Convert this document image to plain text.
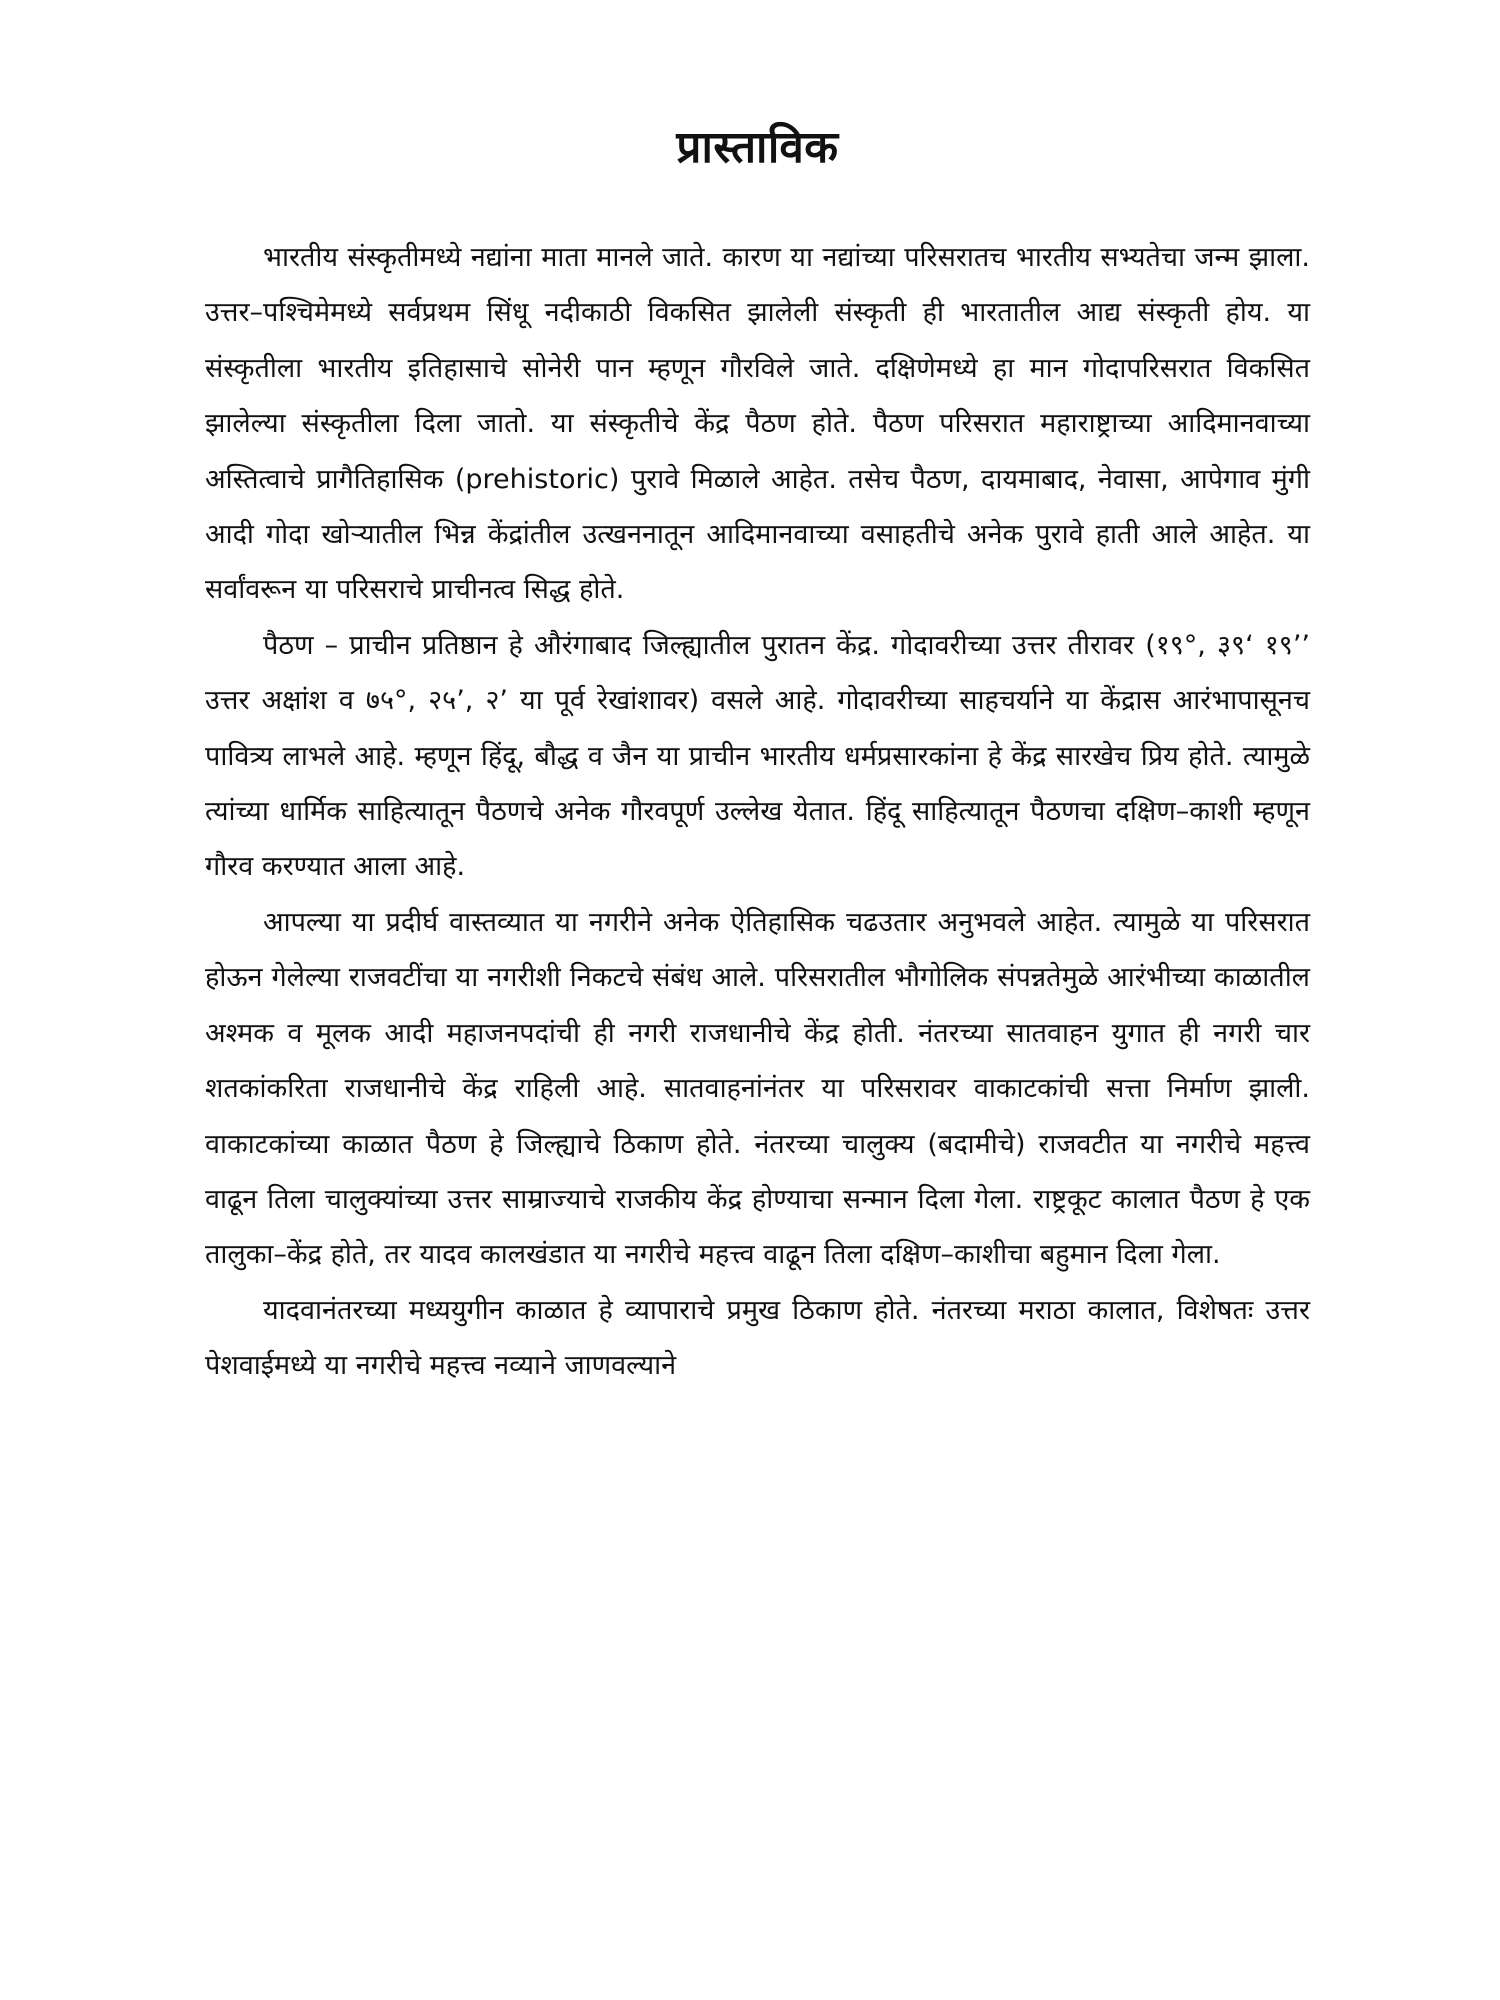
प्रास्ताविक

भारतीय संस्कृतीमध्ये नद्यांना माता मानले जाते. कारण या नद्यांच्या परिसरातच भारतीय सभ्यतेचा जन्म झाला. उत्तर–पश्चिमेमध्ये सर्वप्रथम सिंधू नदीकाठी विकसित झालेली संस्कृती ही भारतातील आद्य संस्कृती होय. या संस्कृतीला भारतीय इतिहासाचे सोनेरी पान म्हणून गौरविले जाते. दक्षिणेमध्ये हा मान गोदापरिसरात विकसित झालेल्या संस्कृतीला दिला जातो. या संस्कृतीचे केंद्र पैठण होते. पैठण परिसरात महाराष्ट्राच्या आदिमानवाच्या अस्तित्वाचे प्रागैतिहासिक (prehistoric) पुरावे मिळाले आहेत. तसेच पैठण, दायमाबाद, नेवासा, आपेगाव मुंगी आदी गोदा खोऱ्यातील भिन्न केंद्रांतील उत्खननातून आदिमानवाच्या वसाहतीचे अनेक पुरावे हाती आले आहेत. या सर्वांवरून या परिसराचे प्राचीनत्व सिद्ध होते.

पैठण – प्राचीन प्रतिष्ठान हे औरंगाबाद जिल्ह्यातील पुरातन केंद्र. गोदावरीच्या उत्तर तीरावर (१९°, ३९‘ १९’’ उत्तर अक्षांश व ७५°, २५’, २’ या पूर्व रेखांशावर) वसले आहे. गोदावरीच्या साहचर्याने या केंद्रास आरंभापासूनच पावित्र्य लाभले आहे. म्हणून हिंदू, बौद्ध व जैन या प्राचीन भारतीय धर्मप्रसारकांना हे केंद्र सारखेच प्रिय होते. त्यामुळे त्यांच्या धार्मिक साहित्यातून पैठणचे अनेक गौरवपूर्ण उल्लेख येतात. हिंदू साहित्यातून पैठणचा दक्षिण–काशी म्हणून गौरव करण्यात आला आहे.

आपल्या या प्रदीर्घ वास्तव्यात या नगरीने अनेक ऐतिहासिक चढउतार अनुभवले आहेत. त्यामुळे या परिसरात होऊन गेलेल्या राजवटींचा या नगरीशी निकटचे संबंध आले. परिसरातील भौगोलिक संपन्नतेमुळे आरंभीच्या काळातील अश्मक व मूलक आदी महाजनपदांची ही नगरी राजधानीचे केंद्र होती. नंतरच्या सातवाहन युगात ही नगरी चार शतकांकरिता राजधानीचे केंद्र राहिली आहे. सातवाहनांनंतर या परिसरावर वाकाटकांची सत्ता निर्माण झाली. वाकाटकांच्या काळात पैठण हे जिल्ह्याचे ठिकाण होते. नंतरच्या चालुक्य (बदामीचे) राजवटीत या नगरीचे महत्त्व वाढून तिला चालुक्यांच्या उत्तर साम्राज्याचे राजकीय केंद्र होण्याचा सन्मान दिला गेला. राष्ट्रकूट कालात पैठण हे एक तालुका–केंद्र होते, तर यादव कालखंडात या नगरीचे महत्त्व वाढून तिला दक्षिण–काशीचा बहुमान दिला गेला.

यादवानंतरच्या मध्ययुगीन काळात हे व्यापाराचे प्रमुख ठिकाण होते. नंतरच्या मराठा कालात, विशेषतः उत्तर पेशवाईमध्ये या नगरीचे महत्त्व नव्याने जाणवल्याने
